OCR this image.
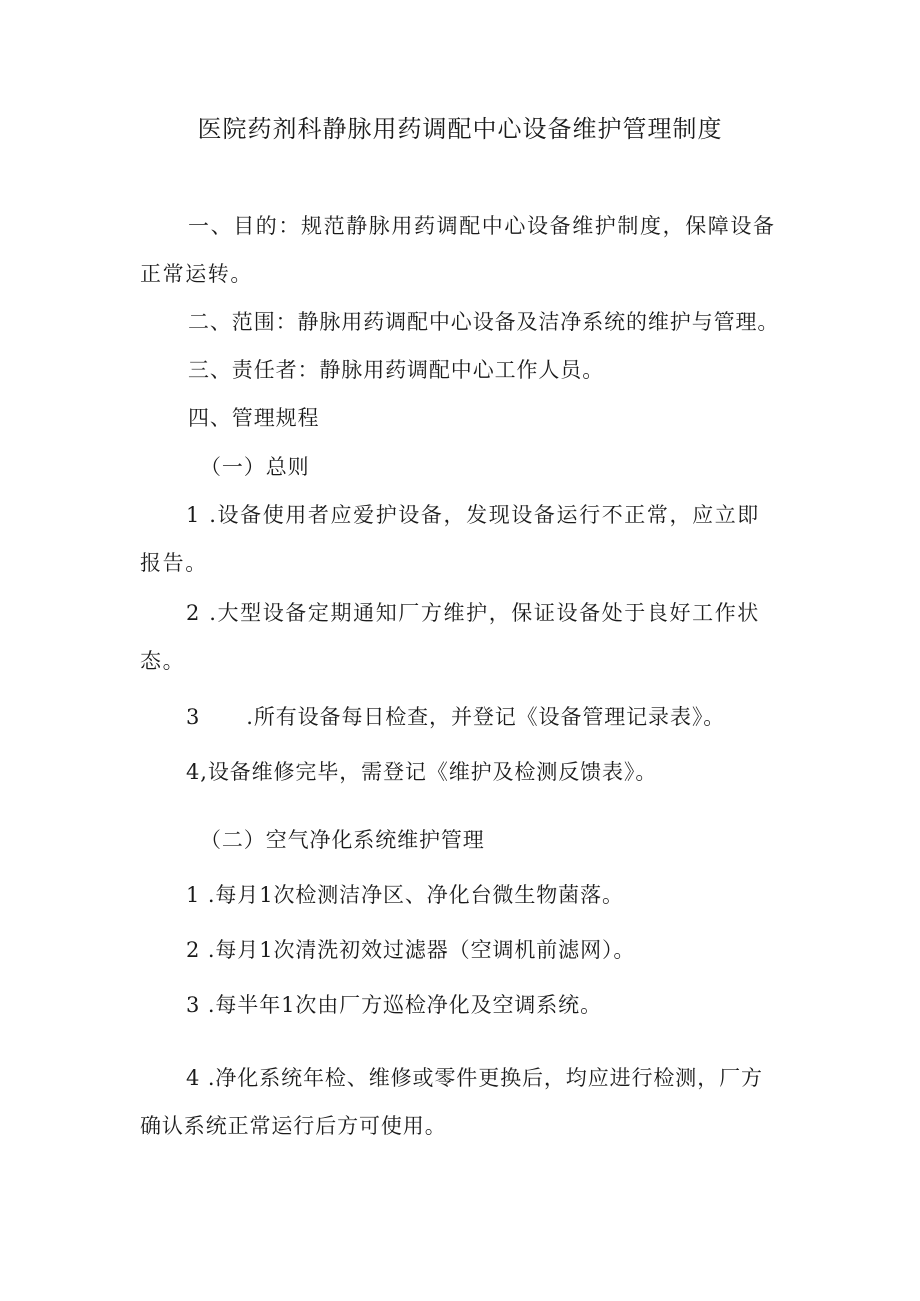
医院药剂科静脉用药调配中心设备维护管理制度

一、目的：规范静脉用药调配中心设备维护制度，保障设备

正常运转。

二、范围：静脉用药调配中心设备及洁净系统的维护与管理。

三、责任者：静脉用药调配中心工作人员。

四、管理规程

（一）总则

1 .设备使用者应爱护设备，发现设备运行不正常，应立即

报告。

2 .大型设备定期通知厂方维护，保证设备处于良好工作状

态。

3 .所有设备每日检查，并登记《设备管理记录表》。

4,设备维修完毕，需登记《维护及检测反馈表》。

（二）空气净化系统维护管理

1 .每月1次检测洁净区、净化台微生物菌落。

2 .每月1次清洗初效过滤器（空调机前滤网）。

3 .每半年1次由厂方巡检净化及空调系统。

4 .净化系统年检、维修或零件更换后，均应进行检测，厂方

确认系统正常运行后方可使用。
